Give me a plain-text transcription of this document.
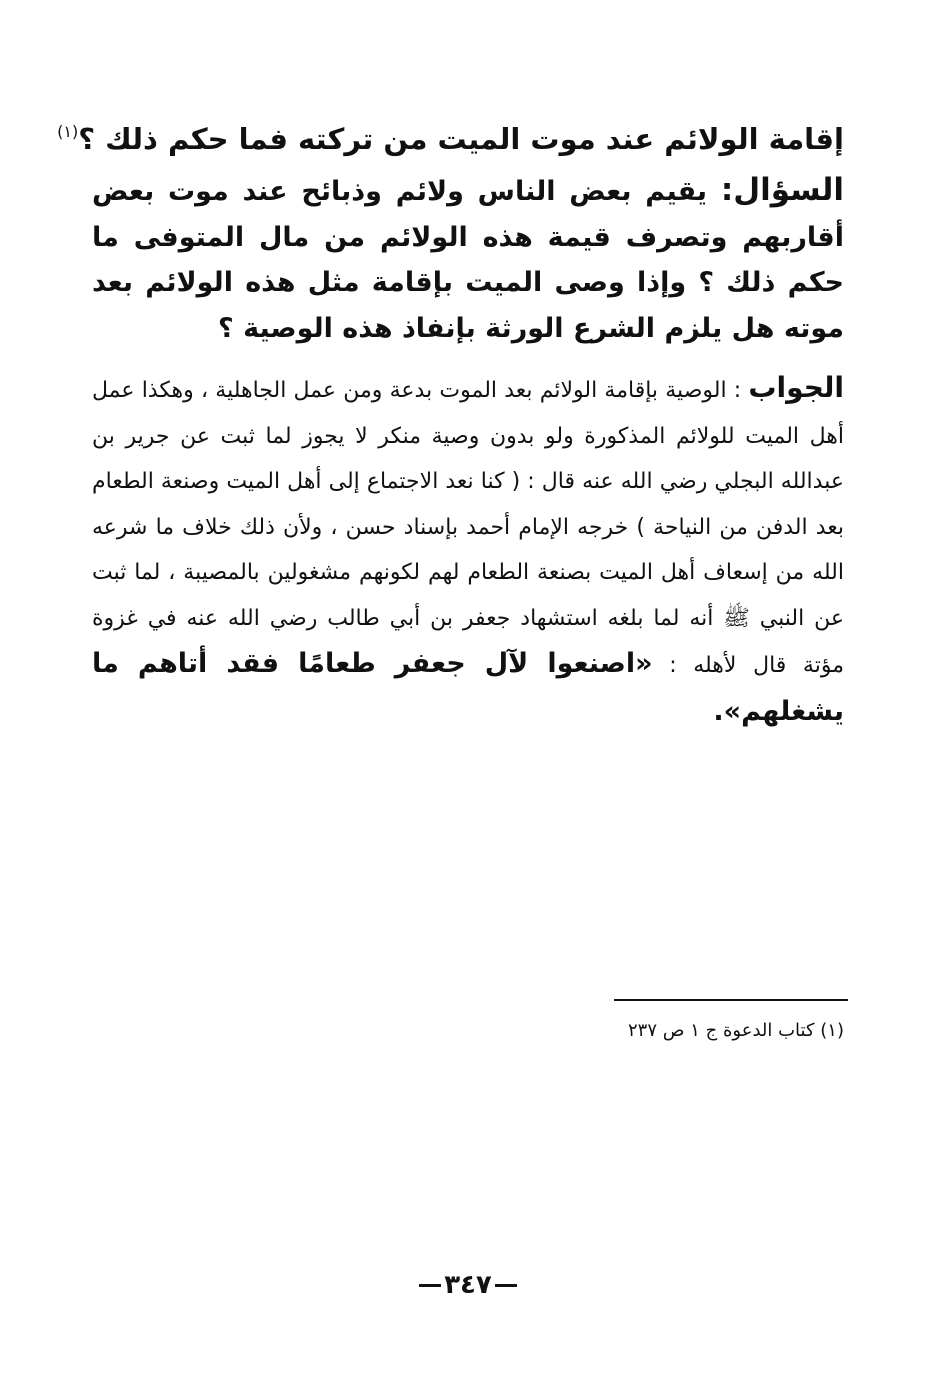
إقامة الولائم عند موت الميت من تركته فما حكم ذلك ؟$^{(١)}$
السؤال: يقيم بعض الناس ولائم وذبائح عند موت بعض أقاربهم وتصرف قيمة هذه الولائم من مال المتوفى ما حكم ذلك ؟ وإذا وصى الميت بإقامة مثل هذه الولائم بعد موته هل يلزم الشرع الورثة بإنفاذ هذه الوصية ؟
الجواب : الوصية بإقامة الولائم بعد الموت بدعة ومن عمل الجاهلية ، وهكذا عمل أهل الميت للولائم المذكورة ولو بدون وصية منكر لا يجوز لما ثبت عن جرير بن عبدالله البجلي رضي الله عنه قال : ( كنا نعد الاجتماع إلى أهل الميت وصنعة الطعام بعد الدفن من النياحة ) خرجه الإمام أحمد بإسناد حسن ، ولأن ذلك خلاف ما شرعه الله من إسعاف أهل الميت بصنعة الطعام لهم لكونهم مشغولين بالمصيبة ، لما ثبت عن النبي ﷺ أنه لما بلغه استشهاد جعفر بن أبي طالب رضي الله عنه في غزوة مؤتة قال لأهله : «اصنعوا لآل جعفر طعامًا فقد أتاهم ما يشغلهم».
(١) كتاب الدعوة ج ١ ص ٢٣٧
٣٤٧
